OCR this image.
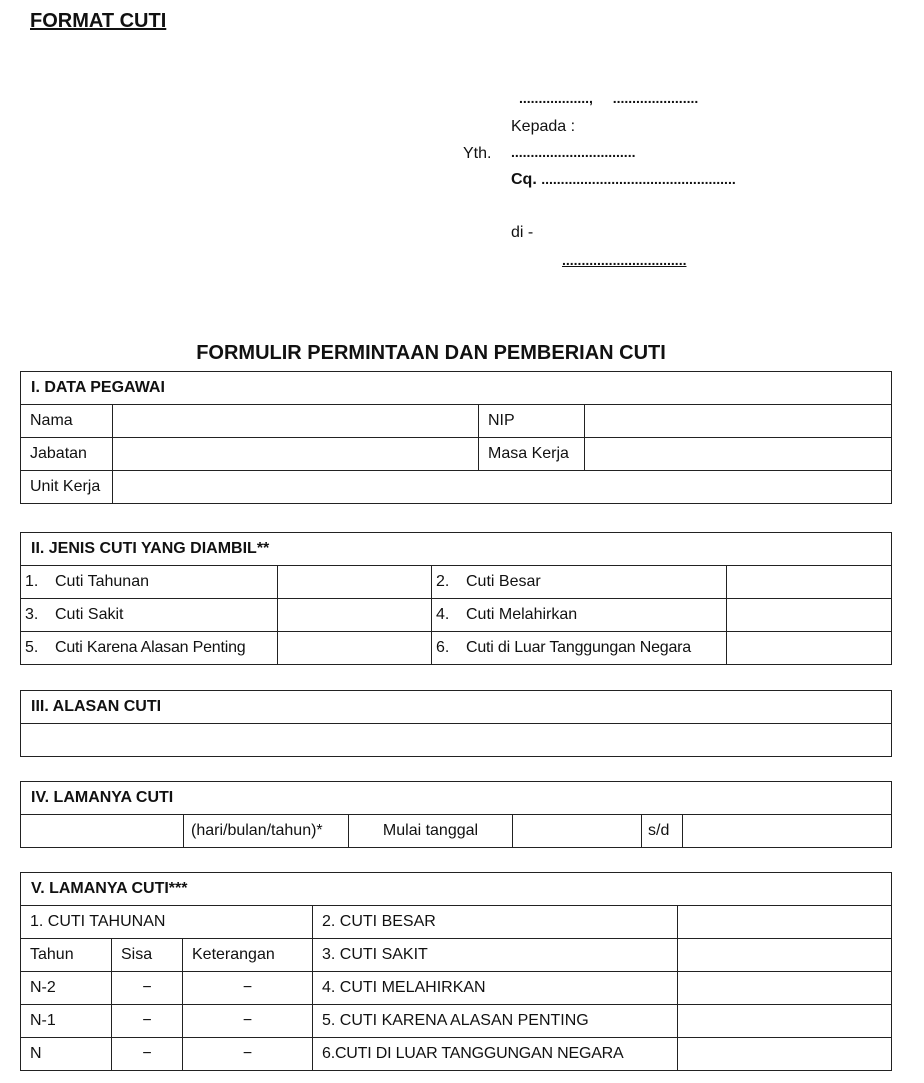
FORMAT CUTI
.................., ......................
Kepada :
Yth. ................................
Cq. ..................................................
di -
................................
FORMULIR PERMINTAAN DAN PEMBERIAN CUTI
I. DATA PEGAWAI			
Nama		NIP	
Jabatan		Masa Kerja	
Unit Kerja			
II. JENIS CUTI YANG DIAMBIL**			
1. Cuti Tahunan		2. Cuti Besar	
3. Cuti Sakit		4. Cuti Melahirkan	
5. Cuti Karena Alasan Penting		6. Cuti di Luar Tanggungan Negara	
III. ALASAN CUTI

IV. LAMANYA CUTI
	(hari/bulan/tahun)*	Mulai tanggal		s/d	
V. LAMANYA CUTI***				
1. CUTI TAHUNAN			2. CUTI BESAR	
Tahun	Sisa	Keterangan	3. CUTI SAKIT	
N-2	−	−	4. CUTI MELAHIRKAN	
N-1	−	−	5. CUTI KARENA ALASAN PENTING	
N	−	−	6.CUTI DI LUAR TANGGUNGAN NEGARA	
